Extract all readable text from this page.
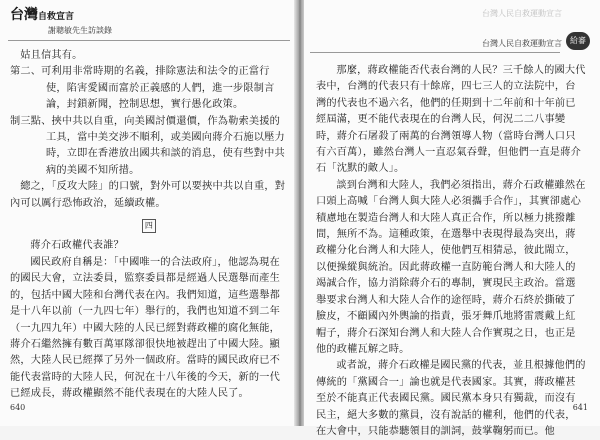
台灣自救宣言
謝聰敏先生訪談錄

姑且信其有。

第二、可利用非常時期的名義，排除憲法和法令的正當行使，陷害愛國而富於正義感的人們，進一步限制言論，封鎖新聞，控制思想，實行愚化政策。

制三點、挾中共以自重，向美國討價還價，作為勒索美援的工具，當中美交涉不順利，或美國向蔣介石施以壓力時，立即在香港放出國共和談的消息，使有些對中共病的美國不知所措。

總之，「反攻大陸」的口號，對外可以要挾中共以自重，對內可以厲行恐怖政治，延續政權。

四

蔣介石政權代表誰？

國民政府自稱是：「中國唯一的合法政府」，他認為現在的國民大會，立法委員，監察委員都是經過人民選舉而產生的，包括中國大陸和台灣代表在內。我們知道，這些選舉都是十八年以前（一九四七年）舉行的，我們也知道不到二年（一九四九年）中國大陸的人民已經對蔣政權的腐化無能，蔣介石繼然擁有數百萬軍隊卻很快地被趕出了中國大陸。顯然，大陸人民已經擇了另外一個政府。當時的國民政府已不能代表當時的大陸人民，何況在十八年後的今天，新的一代已經成長，蔣政權顯然不能代表現在的大陸人民了。

640
台灣人民自救運動宣言
台灣人民自救運動宣言	給審

那麼，蔣政權能否代表台灣的人民？三千餘人的國大代表中，台灣的代表只有十餘席，四七三人的立法院中，台灣的代表也不過六名，他們的任期到十二年前和十年前已經屆滿，更不能代表現在的台灣人民，何況二二八事變時，蔣介石屠殺了兩萬的台灣領導人物（當時台灣人口只有六百萬），雖然台灣人一直忍氣吞聲，但他們一直是蔣介石「沈默的敵人」。

談到台灣和大陸人，我們必須指出，蔣介石政權雖然在口頭上高喊「台灣人與大陸人必須攜手合作」，其實卻處心積慮地在製造台灣人和大陸人真正合作，所以極力挑撥離間，無所不為。這種政策，在選舉中表現得最為突出，蔣政權分化台灣人和大陸人，使他們互相猜忌，彼此閙立，以便操縱與統治。因此蔣政權一直防範台灣人和大陸人的竭誠合作，協力消除蔣介石的專制，實現民主政治。當選舉要求台灣人和大陸人合作的途徑時，蔣介石終於撕破了臉皮，不顧國內外輿論的指責，張牙舞爪地將雷震戴上紅帽子，蔣介石深知台灣人和大陸人合作實現之日，也正是他的政權瓦解之時。

或者說，蔣介石政權是國民黨的代表，並且根據他們的傳統的「黨國合一」論也就是代表國家。其實，蔣政權甚至於不能真正代表國民黨。國民黨本身只有獨裁，而沒有民主，絕大多數的黨員，沒有說話的權利，他們的代表，在大會中，只能恭聽領目的訓詞，鼓掌鞠躬而已。他

641
